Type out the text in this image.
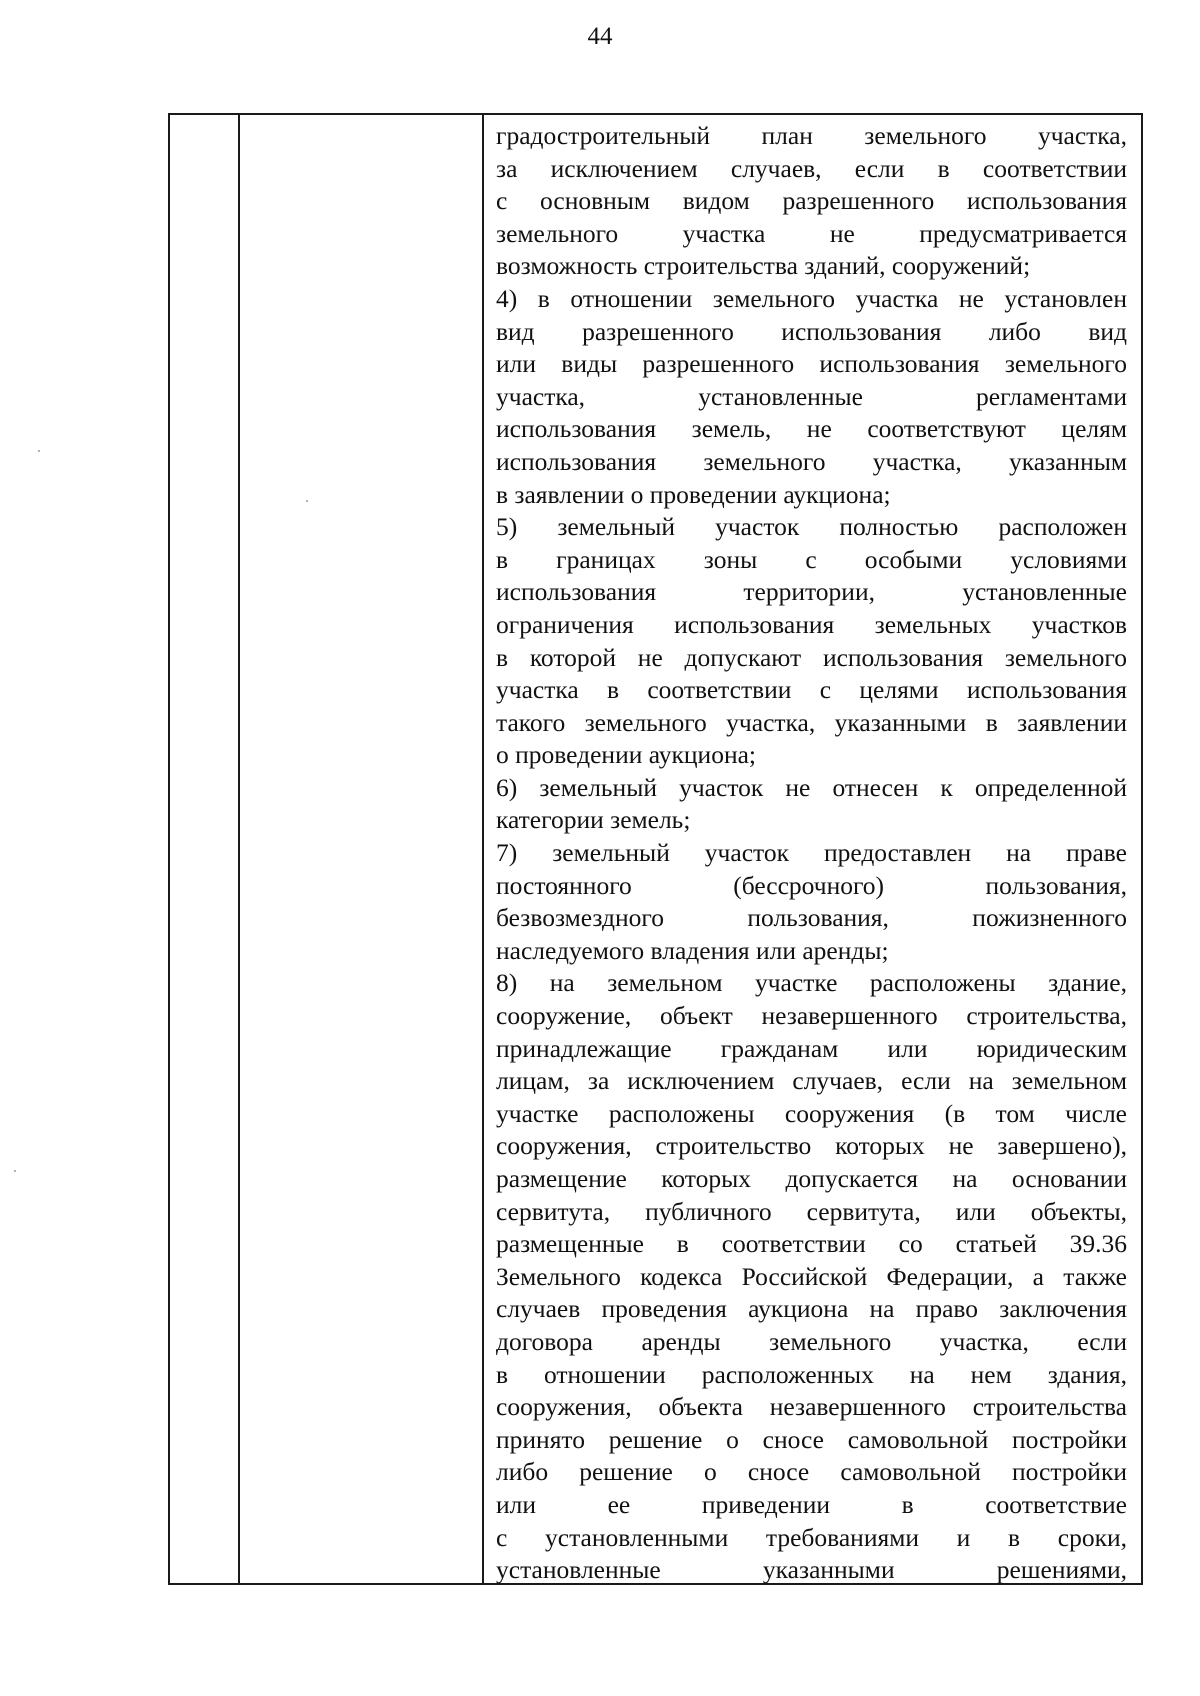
44
градостроительный план земельного участка,
за исключением случаев, если в соответствии
с основным видом разрешенного использования
земельного участка не предусматривается
возможность строительства зданий, сооружений;
4) в отношении земельного участка не установлен
вид разрешенного использования либо вид
или виды разрешенного использования земельного
участка, установленные регламентами
использования земель, не соответствуют целям
использования земельного участка, указанным
в заявлении о проведении аукциона;
5) земельный участок полностью расположен
в границах зоны с особыми условиями
использования территории, установленные
ограничения использования земельных участков
в которой не допускают использования земельного
участка в соответствии с целями использования
такого земельного участка, указанными в заявлении
о проведении аукциона;
6) земельный участок не отнесен к определенной
категории земель;
7) земельный участок предоставлен на праве
постоянного (бессрочного) пользования,
безвозмездного пользования, пожизненного
наследуемого владения или аренды;
8) на земельном участке расположены здание,
сооружение, объект незавершенного строительства,
принадлежащие гражданам или юридическим
лицам, за исключением случаев, если на земельном
участке расположены сооружения (в том числе
сооружения, строительство которых не завершено),
размещение которых допускается на основании
сервитута, публичного сервитута, или объекты,
размещенные в соответствии со статьей 39.36
Земельного кодекса Российской Федерации, а также
случаев проведения аукциона на право заключения
договора аренды земельного участка, если
в отношении расположенных на нем здания,
сооружения, объекта незавершенного строительства
принято решение о сносе самовольной постройки
либо решение о сносе самовольной постройки
или ее приведении в соответствие
с установленными требованиями и в сроки,
установленные указанными решениями,
